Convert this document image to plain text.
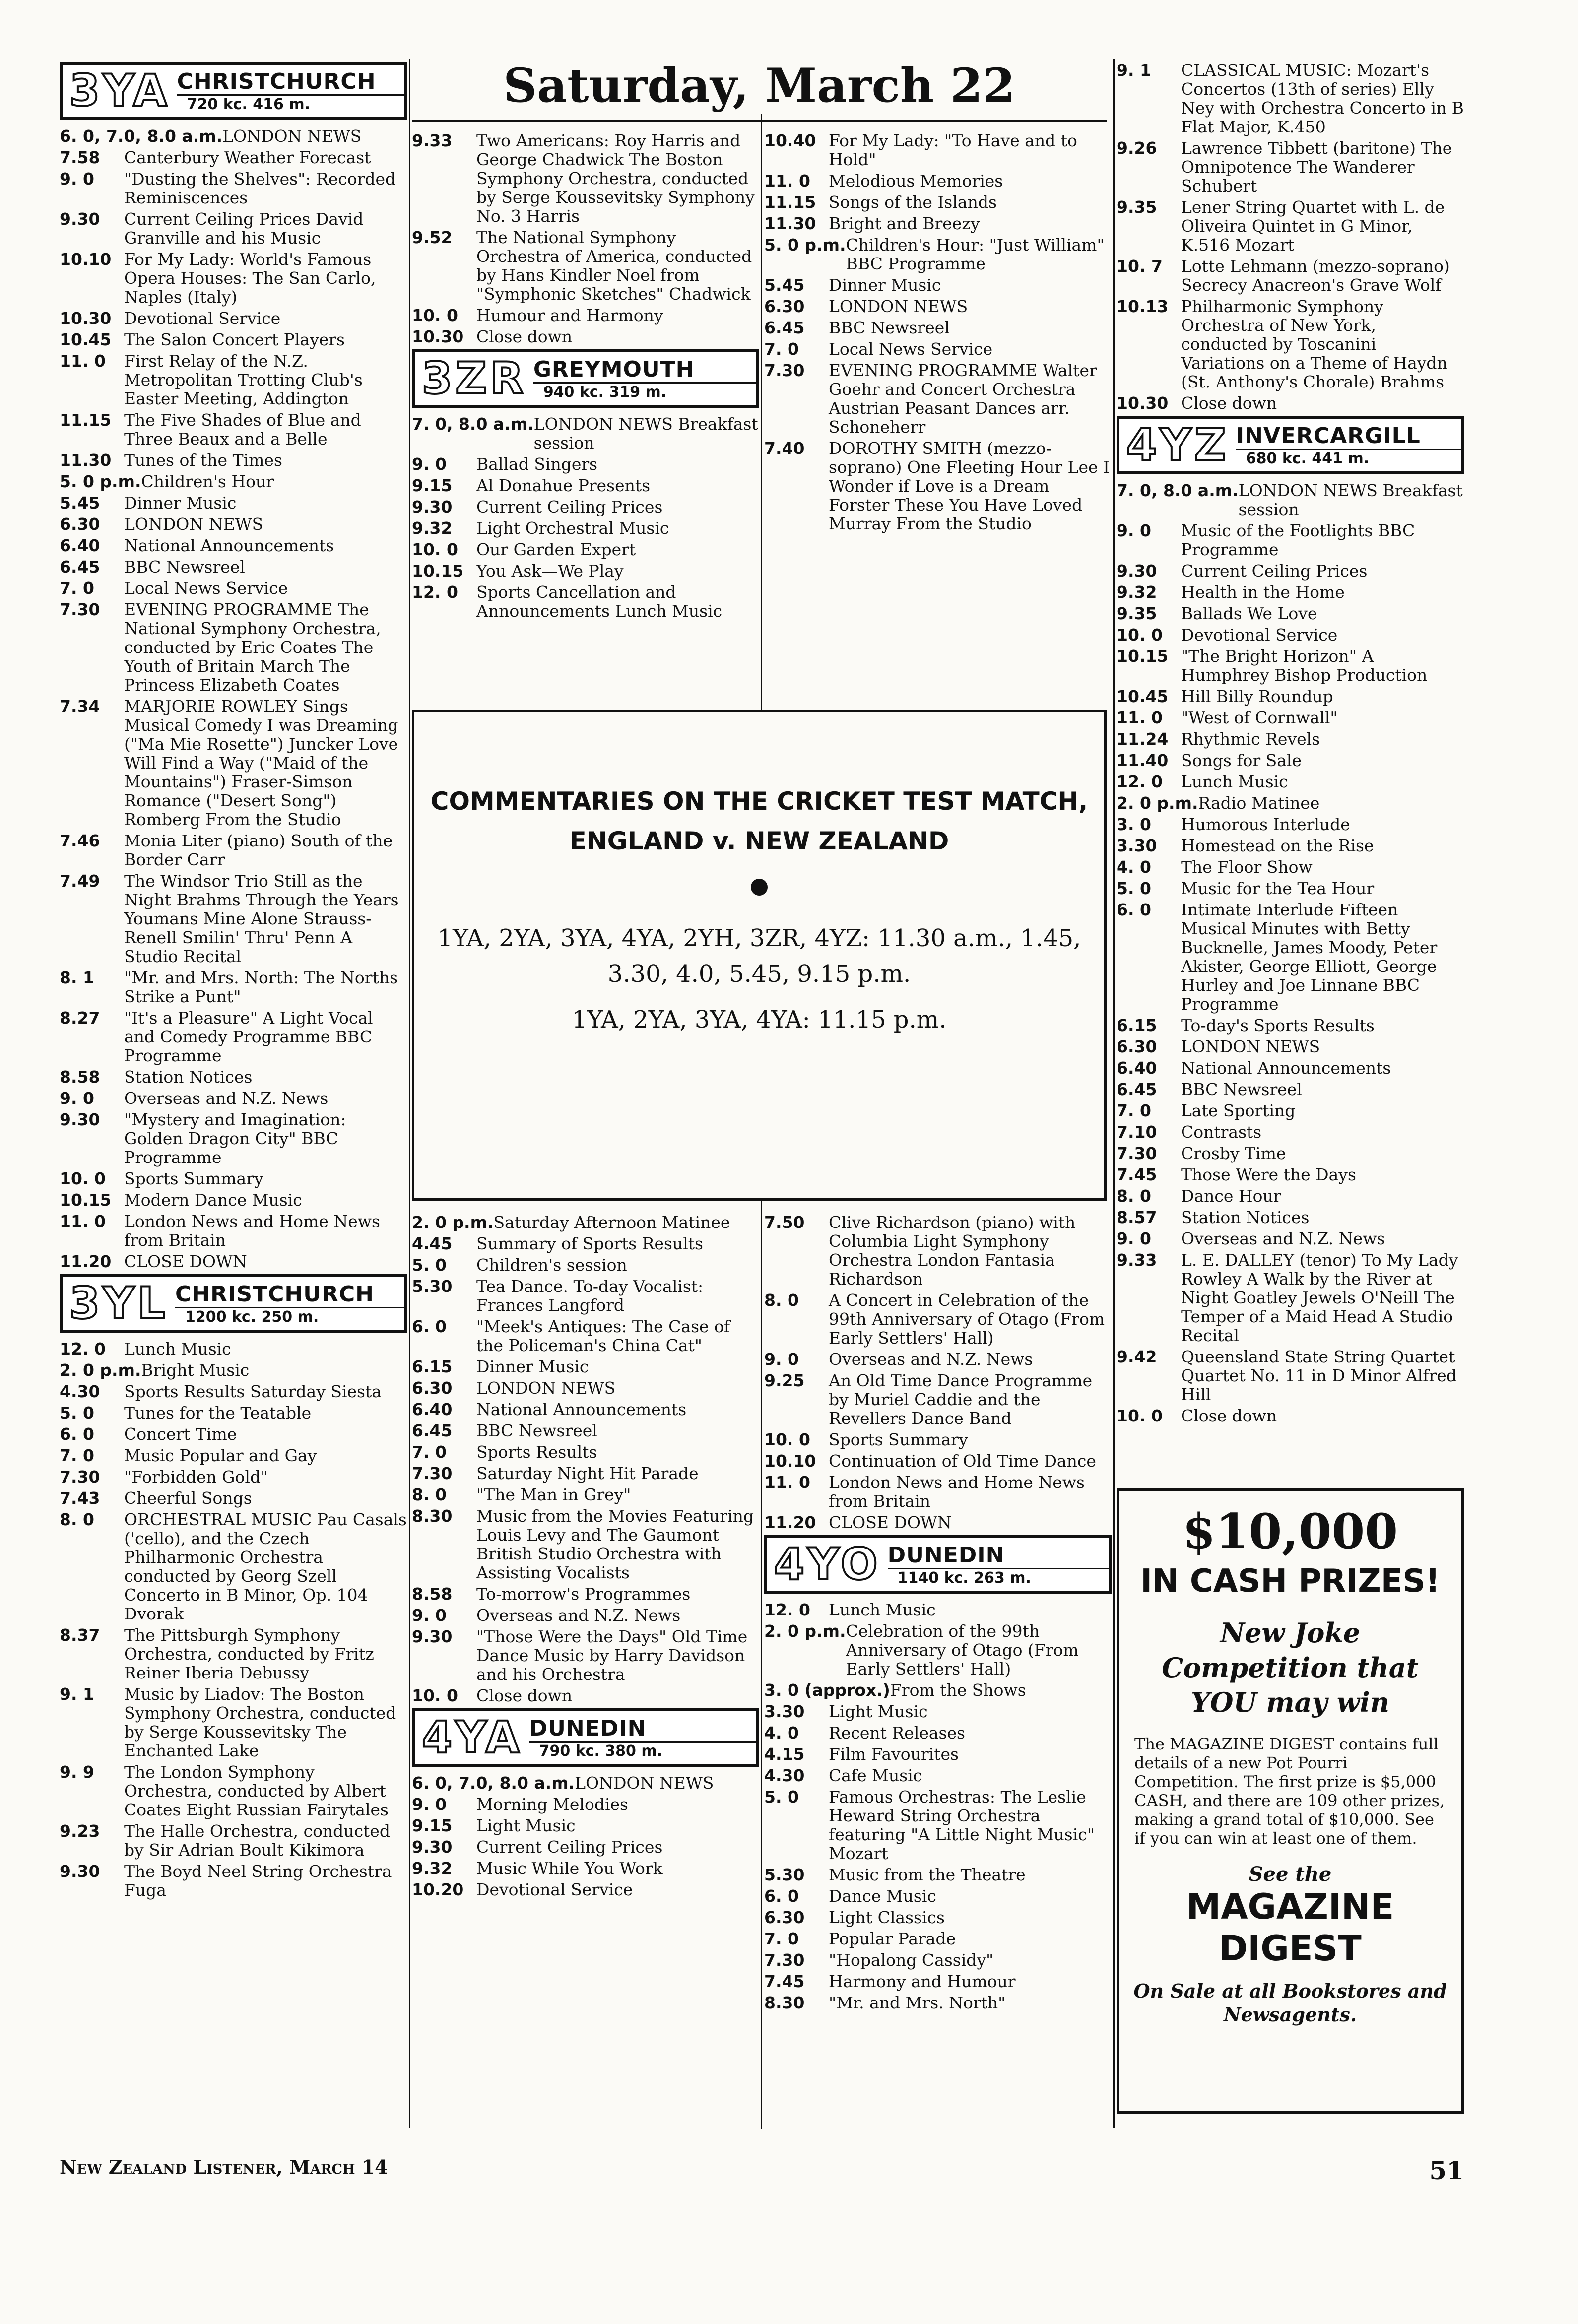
3YA CHRISTCHURCH
720 kc. 416 m.
6. 0, 7.0, 8.0 a.m. LONDON NEWS
7.58	Canterbury Weather Forecast
9. 0	"Dusting the Shelves": Recorded Reminiscences
9.30	Current Ceiling Prices David Granville and his Music
10.10 For My Lady: World's Famous Opera Houses: The San Carlo, Naples (Italy)
10.30 Devotional Service
10.45 The Salon Concert Players
11. 0	First Relay of the N.Z. Metropolitan Trotting Club's Easter Meeting, Addington
11.15 The Five Shades of Blue and Three Beaux and a Belle
11.30 Tunes of the Times
5. 0 p.m. Children's Hour
5.45	Dinner Music
6.30	LONDON NEWS
6.40	National Announcements
6.45	BBC Newsreel
7. 0	Local News Service
7.30	EVENING PROGRAMME The National Symphony Orchestra, conducted by Eric Coates The Youth of Britain March The Princess Elizabeth Coates
7.34	MARJORIE ROWLEY Sings Musical Comedy I was Dreaming ("Ma Mie Rosette") Juncker Love Will Find a Way ("Maid of the Mountains") Fraser-Simson Romance ("Desert Song") Romberg From the Studio
7.46	Monia Liter (piano) South of the Border Carr
7.49	The Windsor Trio Still as the Night Brahms Through the Years Youmans Mine Alone Strauss-Renell Smilin' Thru' Penn A Studio Recital
8. 1	"Mr. and Mrs. North: The Norths Strike a Punt"
8.27	"It's a Pleasure" A Light Vocal and Comedy Programme BBC Programme
8.58	Station Notices
9. 0	Overseas and N.Z. News
9.30	"Mystery and Imagination: Golden Dragon City" BBC Programme
10. 0	Sports Summary
10.15 Modern Dance Music
11. 0	London News and Home News from Britain
11.20 CLOSE DOWN
3YL CHRISTCHURCH
1200 kc. 250 m.
12. 0	Lunch Music
2. 0 p.m. Bright Music
4.30	Sports Results Saturday Siesta
5. 0	Tunes for the Teatable
6. 0	Concert Time
7. 0	Music Popular and Gay
7.30	"Forbidden Gold"
7.43	Cheerful Songs
8. 0	ORCHESTRAL MUSIC Pau Casals ('cello), and the Czech Philharmonic Orchestra conducted by Georg Szell Concerto in B Minor, Op. 104 Dvorak
8.37	The Pittsburgh Symphony Orchestra, conducted by Fritz Reiner Iberia Debussy
9. 1	Music by Liadov: The Boston Symphony Orchestra, conducted by Serge Koussevitsky The Enchanted Lake
9. 9	The London Symphony Orchestra, conducted by Albert Coates Eight Russian Fairytales
9.23	The Halle Orchestra, conducted by Sir Adrian Boult Kikimora
9.30	The Boyd Neel String Orchestra Fuga
Saturday, March 22
9.33	Two Americans: Roy Harris and George Chadwick The Boston Symphony Orchestra, conducted by Serge Koussevitsky Symphony No. 3 Harris
9.52	The National Symphony Orchestra of America, conducted by Hans Kindler Noel from "Symphonic Sketches" Chadwick
10. 0	Humour and Harmony
10.30 Close down
3ZR GREYMOUTH
940 kc. 319 m.
7. 0, 8.0 a.m. LONDON NEWS Breakfast session
9. 0	Ballad Singers
9.15	Al Donahue Presents
9.30	Current Ceiling Prices
9.32	Light Orchestral Music
10. 0	Our Garden Expert
10.15 You Ask—We Play
12. 0	Sports Cancellation and Announcements Lunch Music
2. 0 p.m. Saturday Afternoon Matinee
4.45	Summary of Sports Results
5. 0	Children's session
5.30	Tea Dance. To-day Vocalist: Frances Langford
6. 0	"Meek's Antiques: The Case of the Policeman's China Cat"
6.15	Dinner Music
6.30	LONDON NEWS
6.40	National Announcements
6.45	BBC Newsreel
7. 0	Sports Results
7.30	Saturday Night Hit Parade
8. 0	"The Man in Grey"
8.30	Music from the Movies Featuring Louis Levy and The Gaumont British Studio Orchestra with Assisting Vocalists
8.58	To-morrow's Programmes
9. 0	Overseas and N.Z. News
9.30	"Those Were the Days" Old Time Dance Music by Harry Davidson and his Orchestra
10. 0	Close down
4YA DUNEDIN
790 kc. 380 m.
6. 0, 7.0, 8.0 a.m. LONDON NEWS
9. 0	Morning Melodies
9.15	Light Music
9.30	Current Ceiling Prices
9.32	Music While You Work
10.20 Devotional Service
10.40 For My Lady: "To Have and to Hold"
11. 0	Melodious Memories
11.15 Songs of the Islands
11.30 Bright and Breezy
5. 0 p.m. Children's Hour: "Just William" BBC Programme
5.45	Dinner Music
6.30	LONDON NEWS
6.45	BBC Newsreel
7. 0	Local News Service
7.30	EVENING PROGRAMME Walter Goehr and Concert Orchestra Austrian Peasant Dances arr. Schoneherr
7.40	DOROTHY SMITH (mezzo-soprano) One Fleeting Hour Lee I Wonder if Love is a Dream Forster These You Have Loved Murray From the Studio
7.50	Clive Richardson (piano) with Columbia Light Symphony Orchestra London Fantasia Richardson
8. 0	A Concert in Celebration of the 99th Anniversary of Otago (From Early Settlers' Hall)
9. 0	Overseas and N.Z. News
9.25	An Old Time Dance Programme by Muriel Caddie and the Revellers Dance Band
10. 0	Sports Summary
10.10 Continuation of Old Time Dance
11. 0	London News and Home News from Britain
11.20 CLOSE DOWN
4YO DUNEDIN
1140 kc. 263 m.
12. 0	Lunch Music
2. 0 p.m. Celebration of the 99th Anniversary of Otago (From Early Settlers' Hall)
3. 0 (approx.) From the Shows
3.30	Light Music
4. 0	Recent Releases
4.15	Film Favourites
4.30	Cafe Music
5. 0	Famous Orchestras: The Leslie Heward String Orchestra featuring "A Little Night Music" Mozart
5.30	Music from the Theatre
6. 0	Dance Music
6.30	Light Classics
7. 0	Popular Parade
7.30	"Hopalong Cassidy"
7.45	Harmony and Humour
8.30	"Mr. and Mrs. North"
9. 1	CLASSICAL MUSIC: Mozart's Concertos (13th of series) Elly Ney with Orchestra Concerto in B Flat Major, K.450
9.26	Lawrence Tibbett (baritone) The Omnipotence The Wanderer Schubert
9.35	Lener String Quartet with L. de Oliveira Quintet in G Minor, K.516 Mozart
10. 7	Lotte Lehmann (mezzo-soprano) Secrecy Anacreon's Grave Wolf
10.13 Philharmonic Symphony Orchestra of New York, conducted by Toscanini Variations on a Theme of Haydn (St. Anthony's Chorale) Brahms
10.30 Close down
4YZ INVERCARGILL
680 kc. 441 m.
7. 0, 8.0 a.m. LONDON NEWS Breakfast session
9. 0	Music of the Footlights BBC Programme
9.30	Current Ceiling Prices
9.32	Health in the Home
9.35	Ballads We Love
10. 0	Devotional Service
10.15 "The Bright Horizon" A Humphrey Bishop Production
10.45 Hill Billy Roundup
11. 0	"West of Cornwall"
11.24 Rhythmic Revels
11.40 Songs for Sale
12. 0	Lunch Music
2. 0 p.m. Radio Matinee
3. 0	Humorous Interlude
3.30	Homestead on the Rise
4. 0	The Floor Show
5. 0	Music for the Tea Hour
6. 0	Intimate Interlude Fifteen Musical Minutes with Betty Bucknelle, James Moody, Peter Akister, George Elliott, George Hurley and Joe Linnane BBC Programme
6.15	To-day's Sports Results
6.30	LONDON NEWS
6.40	National Announcements
6.45	BBC Newsreel
7. 0	Late Sporting
7.10	Contrasts
7.30	Crosby Time
7.45	Those Were the Days
8. 0	Dance Hour
8.57	Station Notices
9. 0	Overseas and N.Z. News
9.33	L. E. DALLEY (tenor) To My Lady Rowley A Walk by the River at Night Goatley Jewels O'Neill The Temper of a Maid Head A Studio Recital
9.42	Queensland State String Quartet Quartet No. 11 in D Minor Alfred Hill
10. 0	Close down
COMMENTARIES ON THE CRICKET TEST MATCH, ENGLAND v. NEW ZEALAND
1YA, 2YA, 3YA, 4YA, 2YH, 3ZR, 4YZ: 11.30 a.m., 1.45, 3.30, 4.0, 5.45, 9.15 p.m.
1YA, 2YA, 3YA, 4YA: 11.15 p.m.
$10,000
IN CASH PRIZES!
New Joke Competition that YOU may win
The MAGAZINE DIGEST contains full details of a new Pot Pourri Competition. The first prize is $5,000 CASH, and there are 109 other prizes, making a grand total of $10,000. See if you can win at least one of them.
See the
MAGAZINE DIGEST
On Sale at all Bookstores and Newsagents.
New Zealand Listener, March 14	51
